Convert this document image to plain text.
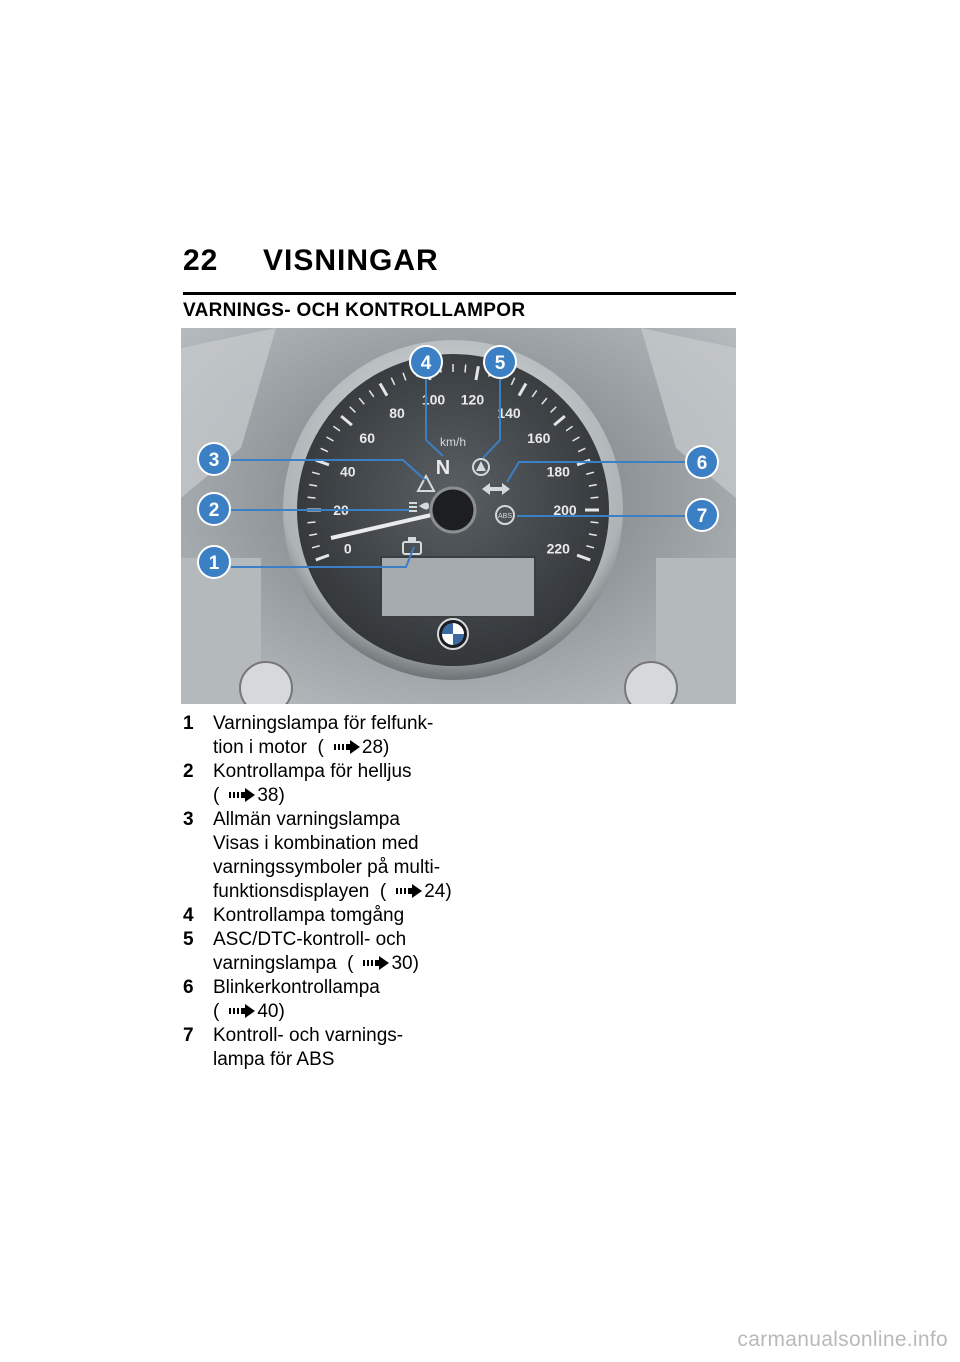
22 VISNINGAR
VARNINGS- OCH KONTROLLAMPOR
0
20
40
60
80
100 120
140
160
180
200
220
km/h
N
ABS
1
2
3
4	5
6
7
1	Varningslampa för felfunk-
tion i motor  ( 28)
2	Kontrollampa för helljus
( 38)
3	Allmän varningslampa
Visas i kombination med
varningssymboler på multi-
funktionsdisplayen  ( 24)
4	Kontrollampa tomgång
5	ASC/DTC-kontroll- och
varningslampa  ( 30)
6	Blinkerkontrollampa
( 40)
7	Kontroll- och varnings-
lampa för ABS
carmanualsonline.info
